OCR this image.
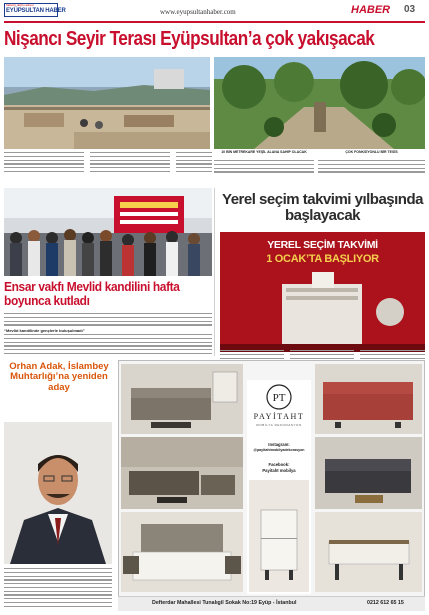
haberin doğru adresi
EYÜPSULTAN HABER	www.eyupsultanhaber.com	HABER 03
Nişancı Seyir Terası Eyüpsultan’a çok yakışacak
10 BİN METREKARE YEŞİL ALANA SAHİP OLACAK	ÇOK FONKSİYONLU BİR TESİS
Ensar vakfı Mevlid kandilini hafta boyunca kutladı
“Mevlid kandilinde gençlerle buluşulmadı”
Yerel seçim takvimi yılbaşında başlayacak
YEREL SEÇİM TAKVİMİ
1 OCAK’TA BAŞLIYOR
Orhan Adak, İslambey Muhtarlığı’na yeniden aday
PT
PAYİTAHT
MOBİLYA DEKORASYON
Instagram:
@payitahtmobilyadekorasyon
Facebook:
Payitaht mobilya
Defterdar Mahallesi Tunalıgil Sokak No:19 Eyüp - İstanbul	0212 612 65 15
